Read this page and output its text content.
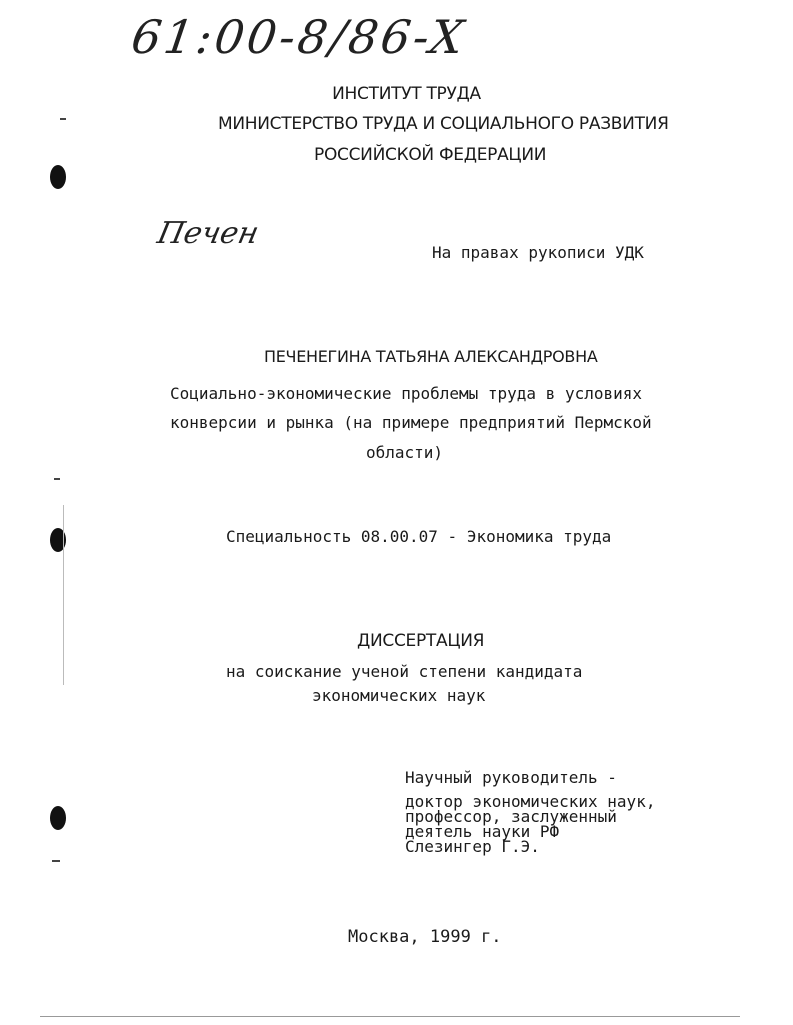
61:00-8/86-X
ИНСТИТУТ ТРУДА
МИНИСТЕРСТВО ТРУДА И СОЦИАЛЬНОГО РАЗВИТИЯ
РОССИЙСКОЙ ФЕДЕРАЦИИ
Печен
На правах рукописи УДК
ПЕЧЕНЕГИНА ТАТЬЯНА АЛЕКСАНДРОВНА
Социально-экономические проблемы труда в условиях
конверсии и рынка (на примере предприятий Пермской
области)
Специальность 08.00.07 - Экономика труда
ДИССЕРТАЦИЯ
на соискание ученой степени кандидата
экономических наук
Научный руководитель -
доктор экономических наук,
профессор, заслуженный
деятель науки РФ
Слезингер Г.Э.
Москва, 1999 г.
